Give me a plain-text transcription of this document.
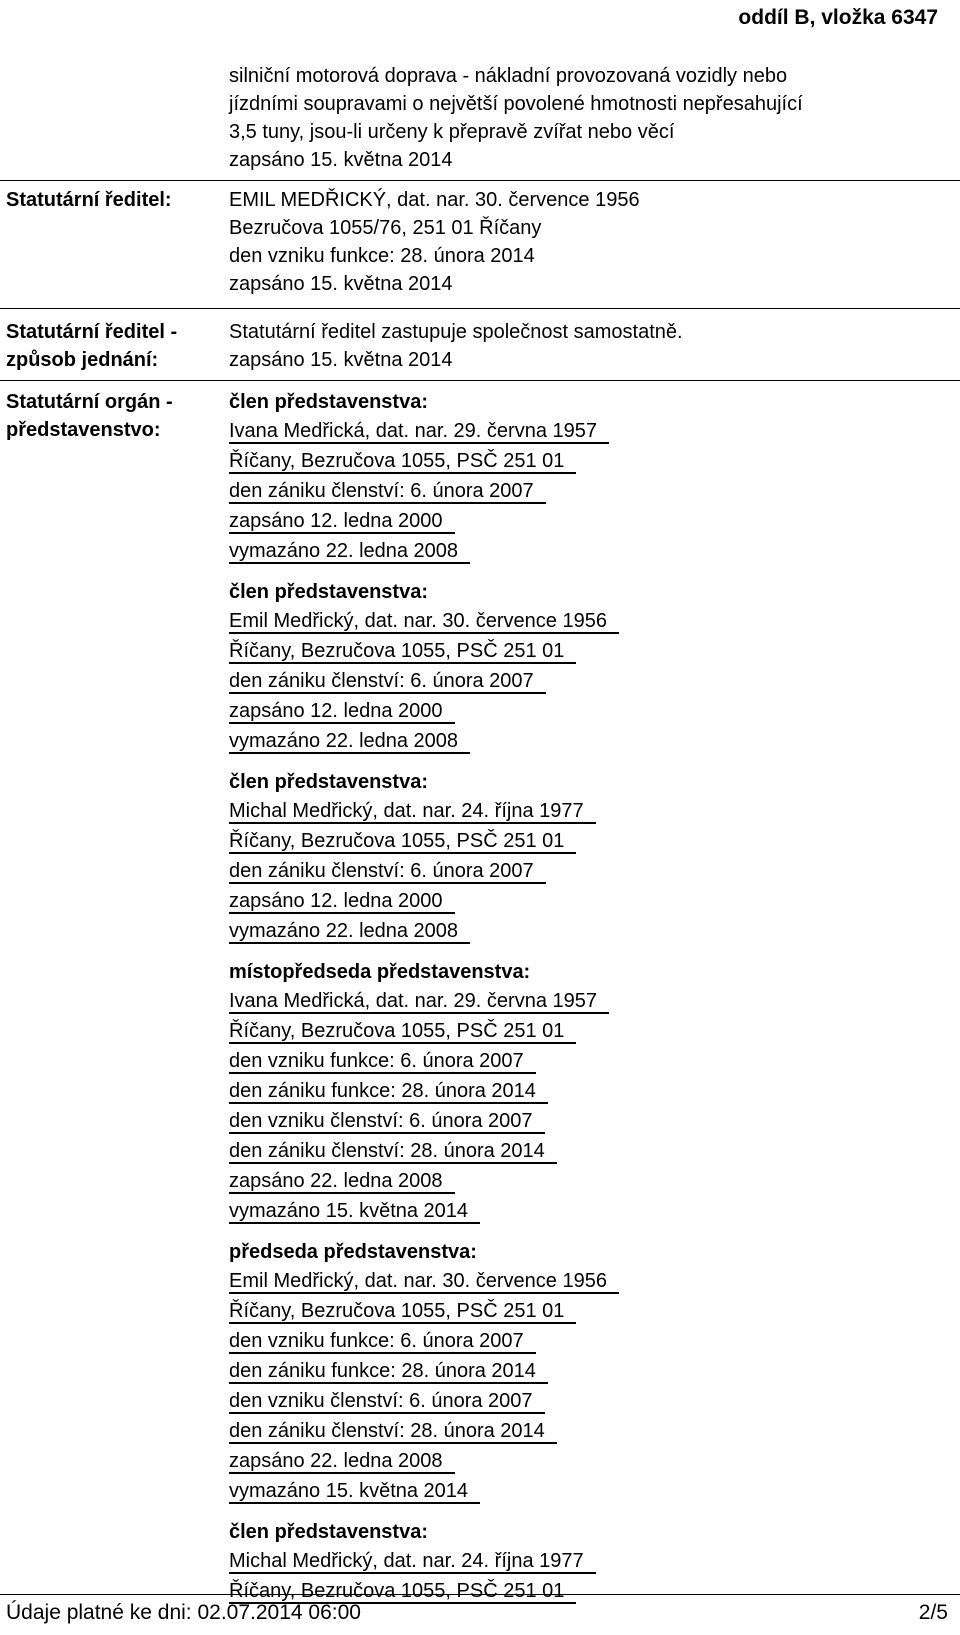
oddíl B, vložka 6347
silniční motorová doprava - nákladní provozovaná vozidly nebo
jízdními soupravami o největší povolené hmotnosti nepřesahující
3,5 tuny, jsou-li určeny k přepravě zvířat nebo věcí
zapsáno 15. května 2014
Statutární ředitel:	EMIL MEDŘICKÝ, dat. nar. 30. července 1956
Bezručova 1055/76, 251 01 Říčany
den vzniku funkce: 28. února 2014
zapsáno 15. května 2014
Statutární ředitel -
způsob jednání:
Statutární ředitel zastupuje společnost samostatně.
zapsáno 15. května 2014
Statutární orgán -
představenstvo:
člen představenstva:
Ivana Medřická, dat. nar. 29. června 1957
Říčany, Bezručova 1055, PSČ 251 01
den zániku členství: 6. února 2007
zapsáno 12. ledna 2000
vymazáno 22. ledna 2008
člen představenstva:
Emil Medřický, dat. nar. 30. července 1956
Říčany, Bezručova 1055, PSČ 251 01
den zániku členství: 6. února 2007
zapsáno 12. ledna 2000
vymazáno 22. ledna 2008
člen představenstva:
Michal Medřický, dat. nar. 24. října 1977
Říčany, Bezručova 1055, PSČ 251 01
den zániku členství: 6. února 2007
zapsáno 12. ledna 2000
vymazáno 22. ledna 2008
místopředseda představenstva:
Ivana Medřická, dat. nar. 29. června 1957
Říčany, Bezručova 1055, PSČ 251 01
den vzniku funkce: 6. února 2007
den zániku funkce: 28. února 2014
den vzniku členství: 6. února 2007
den zániku členství: 28. února 2014
zapsáno 22. ledna 2008
vymazáno 15. května 2014
předseda představenstva:
Emil Medřický, dat. nar. 30. července 1956
Říčany, Bezručova 1055, PSČ 251 01
den vzniku funkce: 6. února 2007
den zániku funkce: 28. února 2014
den vzniku členství: 6. února 2007
den zániku členství: 28. února 2014
zapsáno 22. ledna 2008
vymazáno 15. května 2014
člen představenstva:
Michal Medřický, dat. nar. 24. října 1977
Říčany, Bezručova 1055, PSČ 251 01
Údaje platné ke dni: 02.07.2014 06:00	2/5
